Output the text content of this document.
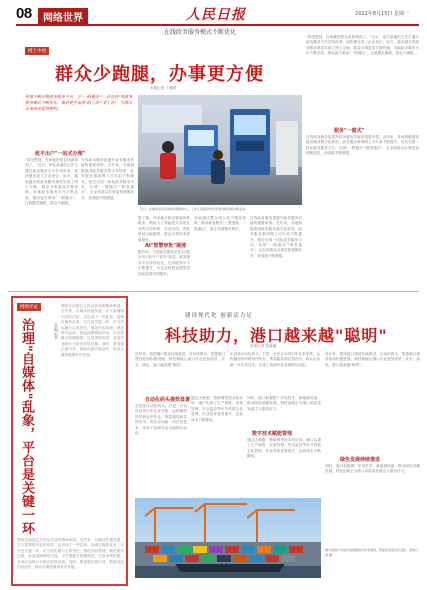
08	网络世界	人民日报	2022年8月15日 星期一
在线政务服务模式不断优化
网上中国
群众少跑腿，办事更方便
本报记者 丁雅婷
各地不断升级政务服务平台，让"一网通办""一次办好"的政务服务模式不断优化，推动更多事项"网上办""掌上办"，为群众办事创业提供便利。
近日，在湖北省宜昌市政务服务中心，工作人员指导市民使用自助终端办理业务。
政不出户"一站式办理"
"真没想到，在家就把营业执照领到了。"近日，家住某地的王先生通过政务服务平台在线申请，很快便完成了企业登记。如今，越来越多的政务服务事项实现了网上办理，群众办事更加方便快捷。各地政务服务平台不断完善，推动更多事项"一网通办"，让数据多跑路、群众少跑腿。
在线政务服务是提升政务服务效能的重要举措。近年来，各地积极推进政务服务数字化转型，政务服务事项网上可办率不断提升。依托全国一体化政务服务平台，实现"一网通办""跨省通办"，企业和群众办事更加便捷高效，获得感不断增强。
据了解，许多地方推出智能审批服务，利用人工智能技术实现业务的自动审核、自动办结，审批时间大幅缩短，群众办事效率显著提升。
AI"智慧审批"提速
据介绍，当前政务服务正在由"能办"向"好办""易办"转变。政务服务平台持续优化，在线服务水平不断提升，为企业和群众提供更加优质高效的服务。
各地通过整合线上线下服务资源，推动政务服务"一窗受理、一网通办"，真正实现便民利企。
在线政务服务是提升政务服务效能的重要举措。近年来，各地积极推进政务服务数字化转型，政务服务事项网上可办率不断提升。依托全国一体化政务服务平台，实现"一网通办""跨省通办"，企业和群众办事更加便捷高效，获得感不断增强。
"真没想到，在家就把营业执照领到了。"近日，家住某地的王先生通过政务服务平台在线申请，很快便完成了企业登记。如今，越来越多的政务服务事项实现了网上办理，群众办事更加方便快捷。各地政务服务平台不断完善，推动更多事项"一网通办"，让数据多跑路、群众少跑腿。
服务"一窗式"
在线政务服务是提升政务服务效能的重要举措。近年来，各地积极推进政务服务数字化转型，政务服务事项网上可办率不断提升。依托全国一体化政务服务平台，实现"一网通办""跨省通办"，企业和群众办事更加便捷高效，获得感不断增强。
网络评论
治理"自媒体"乱象，平台是关键一环	本报记者
网络空间是亿万民众共同的精神家园。近年来，自媒体快速发展，在丰富网络内容的同时，也出现了一些乱象。治理自媒体乱象，平台是关键一环，应当切实履行主体责任，强化内容管理，规范账号运营，营造清朗网络空间。平台要健全管理制度，完善审核机制，对违法违规行为依法依规处置。同时，要加强正面引导，鼓励优质内容创作，推动自媒体健康有序发展。
网络空间是亿万民众共同的精神家园。近年来，自媒体快速发展，在丰富网络内容的同时，也出现了一些乱象。治理自媒体乱象，平台是关键一环，应当切实履行主体责任，强化内容管理，规范账号运营，营造清朗网络空间。平台要健全管理制度，完善审核机制，对违法违规行为依法依规处置。同时，要加强正面引导，鼓励优质内容创作，推动自媒体健康有序发展。
建设现代化 创新活力足
科技助力，港口越来越"聪明"
本报记者 葛嘉翼
近年来，我国港口建设持续推进，自动化码头、智慧港口建设取得积极进展。科技赋能让港口作业更加高效、安全、绿色，港口越来越"聪明"。
自动化码头提效显著
走进某自动化码头，只见一台台自动导引车往来穿梭，远程操控的岸桥有序作业，集装箱装卸井然有序。码头应用新一代信息技术，实现了装卸作业全流程自动化。
通过大数据、物联网等技术的应用，港口实现了生产调度、设备管理、安全监控等环节的数字化管理，作业效率显著提升，运营成本不断降低。
走进某自动化码头，只见一台台自动导引车往来穿梭，远程操控的岸桥有序作业，集装箱装卸井然有序。码头应用新一代信息技术，实现了装卸作业全流程自动化。
数字技术赋能管理
同时，港口积极推广岸电技术、新能源设备，推动绿色低碳发展。科技创新正为港口高质量发展注入强劲动力。
通过大数据、物联网等技术的应用，港口实现了生产调度、设备管理、安全监控等环节的数字化管理，作业效率显著提升，运营成本不断降低。
近年来，我国港口建设持续推进，自动化码头、智慧港口建设取得积极进展。科技赋能让港口作业更加高效、安全、绿色，港口越来越"聪明"。
绿色发展持续推进
同时，港口积极推广岸电技术、新能源设备，推动绿色低碳发展。科技创新正为港口高质量发展注入强劲动力。
图为某港口自动化集装箱码头作业现场，智能化设备有序运转。本报记者 摄
